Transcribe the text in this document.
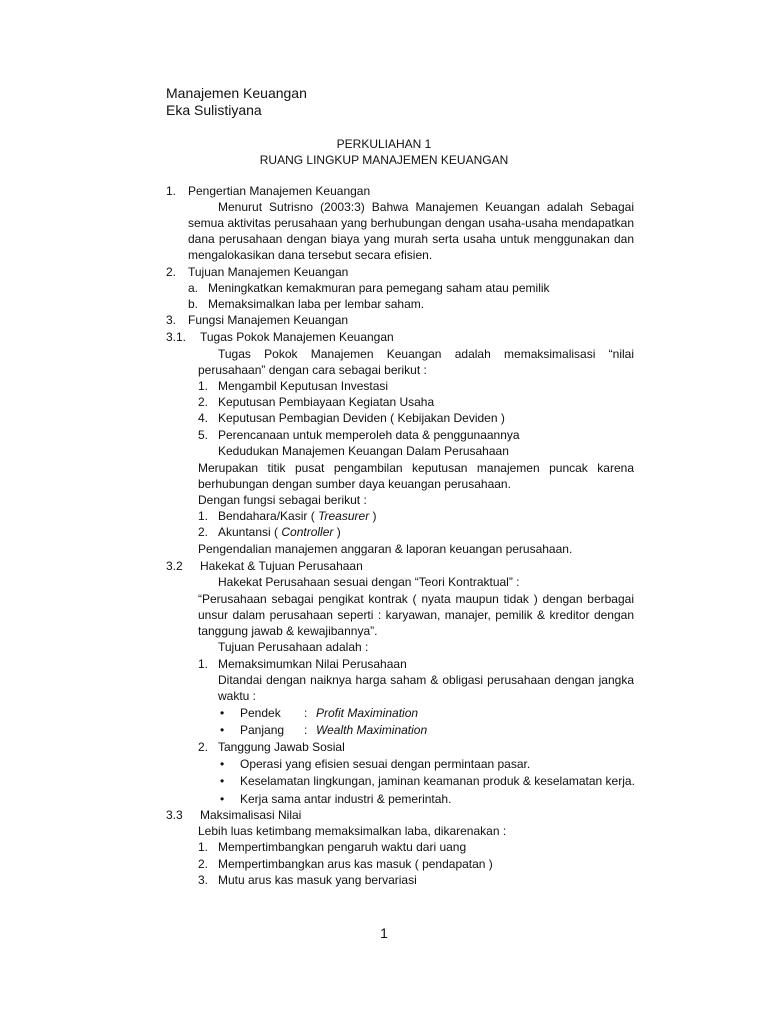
Manajemen Keuangan
Eka Sulistiyana
PERKULIAHAN 1
RUANG LINGKUP MANAJEMEN KEUANGAN
1. Pengertian Manajemen Keuangan
Menurut Sutrisno (2003:3) Bahwa Manajemen Keuangan adalah Sebagai
semua aktivitas perusahaan yang berhubungan dengan usaha-usaha mendapatkan
dana perusahaan dengan biaya yang murah serta usaha untuk menggunakan dan
mengalokasikan dana tersebut secara efisien.
2. Tujuan Manajemen Keuangan
a. Meningkatkan kemakmuran para pemegang saham atau pemilik
b. Memaksimalkan laba per lembar saham.
3. Fungsi Manajemen Keuangan
3.1. Tugas Pokok Manajemen Keuangan
Tugas Pokok Manajemen Keuangan adalah memaksimalisasi “nilai
perusahaan” dengan cara sebagai berikut :
1. Mengambil Keputusan Investasi
2. Keputusan Pembiayaan Kegiatan Usaha
4. Keputusan Pembagian Deviden ( Kebijakan Deviden )
5. Perencanaan untuk memperoleh data & penggunaannya
Kedudukan Manajemen Keuangan Dalam Perusahaan
Merupakan titik pusat pengambilan keputusan manajemen puncak karena
berhubungan dengan sumber daya keuangan perusahaan.
Dengan fungsi sebagai berikut :
1. Bendahara/Kasir ( Treasurer )
2. Akuntansi ( Controller )
Pengendalian manajemen anggaran & laporan keuangan perusahaan.
3.2 Hakekat & Tujuan Perusahaan
Hakekat Perusahaan sesuai dengan “Teori Kontraktual” :
“Perusahaan sebagai pengikat kontrak ( nyata maupun tidak ) dengan berbagai
unsur dalam perusahaan seperti : karyawan, manajer, pemilik & kreditor dengan
tanggung jawab & kewajibannya”.
Tujuan Perusahaan adalah :
1. Memaksimumkan Nilai Perusahaan
Ditandai dengan naiknya harga saham & obligasi perusahaan dengan jangka
waktu :
•
Pendek : Profit Maximination
•
Panjang : Wealth Maximination
2. Tanggung Jawab Sosial
•
Operasi yang efisien sesuai dengan permintaan pasar.
•
Keselamatan lingkungan, jaminan keamanan produk & keselamatan kerja.
•
Kerja sama antar industri & pemerintah.
3.3 Maksimalisasi Nilai
Lebih luas ketimbang memaksimalkan laba, dikarenakan :
1. Mempertimbangkan pengaruh waktu dari uang
2. Mempertimbangkan arus kas masuk ( pendapatan )
3. Mutu arus kas masuk yang bervariasi
1
